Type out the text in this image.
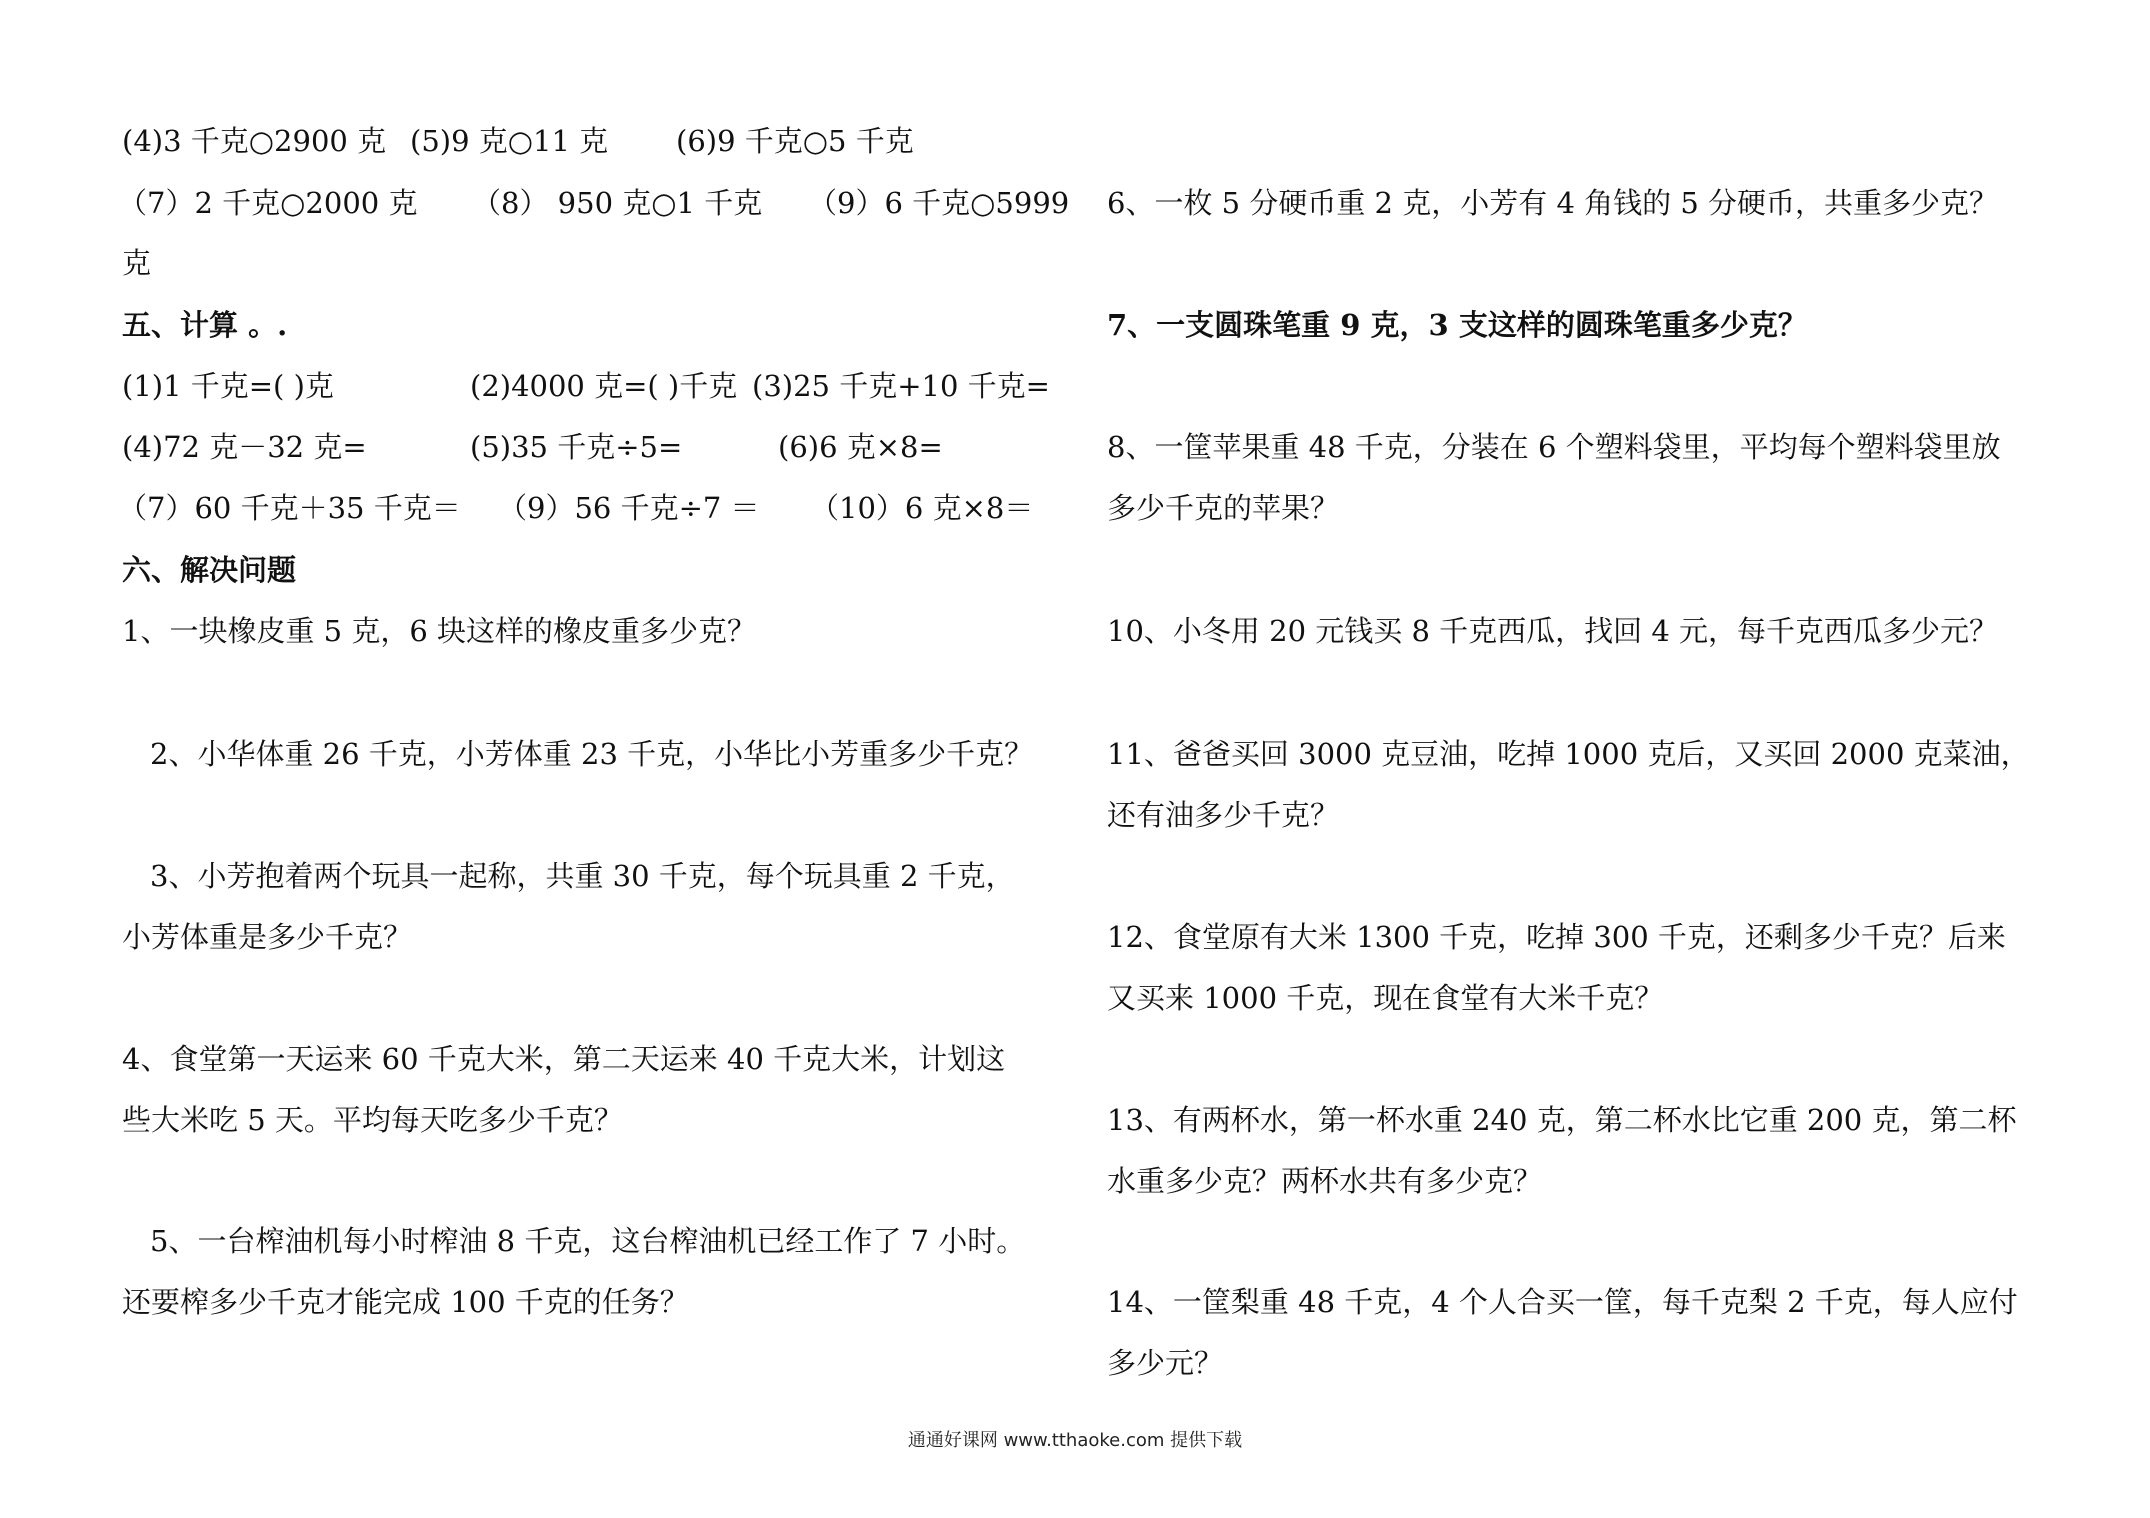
(4)3 千克○2900 克 (5)9 克○11 克 (6)9 千克○5 千克
（7）2 千克○2000 克 （8） 950 克○1 千克 （9）6 千克○5999
克
五、计算 。.
(1)1 千克=( )克	(2)4000 克=( )千克 (3)25 千克+10 千克=
(4)72 克－32 克=	(5)35 千克÷5=	(6)6 克×8=
（7）60 千克＋35 千克＝ （9）56 千克÷7 ＝ （10）6 克×8＝
六、解决问题
1、一块橡皮重 5 克，6 块这样的橡皮重多少克？
2、小华体重 26 千克，小芳体重 23 千克，小华比小芳重多少千克？
3、小芳抱着两个玩具一起称，共重 30 千克，每个玩具重 2 千克，
小芳体重是多少千克？
4、食堂第一天运来 60 千克大米，第二天运来 40 千克大米，计划这
些大米吃 5 天。平均每天吃多少千克？
5、一台榨油机每小时榨油 8 千克，这台榨油机已经工作了 7 小时。
还要榨多少千克才能完成 100 千克的任务？
6、一枚 5 分硬币重 2 克，小芳有 4 角钱的 5 分硬币，共重多少克？
7、一支圆珠笔重 9 克，3 支这样的圆珠笔重多少克？
8、一筐苹果重 48 千克，分装在 6 个塑料袋里，平均每个塑料袋里放
多少千克的苹果？
10、小冬用 20 元钱买 8 千克西瓜，找回 4 元，每千克西瓜多少元？
11、爸爸买回 3000 克豆油，吃掉 1000 克后，又买回 2000 克菜油，
还有油多少千克？
12、食堂原有大米 1300 千克，吃掉 300 千克，还剩多少千克？后来
又买来 1000 千克，现在食堂有大米千克？
13、有两杯水，第一杯水重 240 克，第二杯水比它重 200 克，第二杯
水重多少克？两杯水共有多少克？
14、一筐梨重 48 千克，4 个人合买一筐，每千克梨 2 千克，每人应付
多少元？
通通好课网 www.tthaoke.com 提供下载
